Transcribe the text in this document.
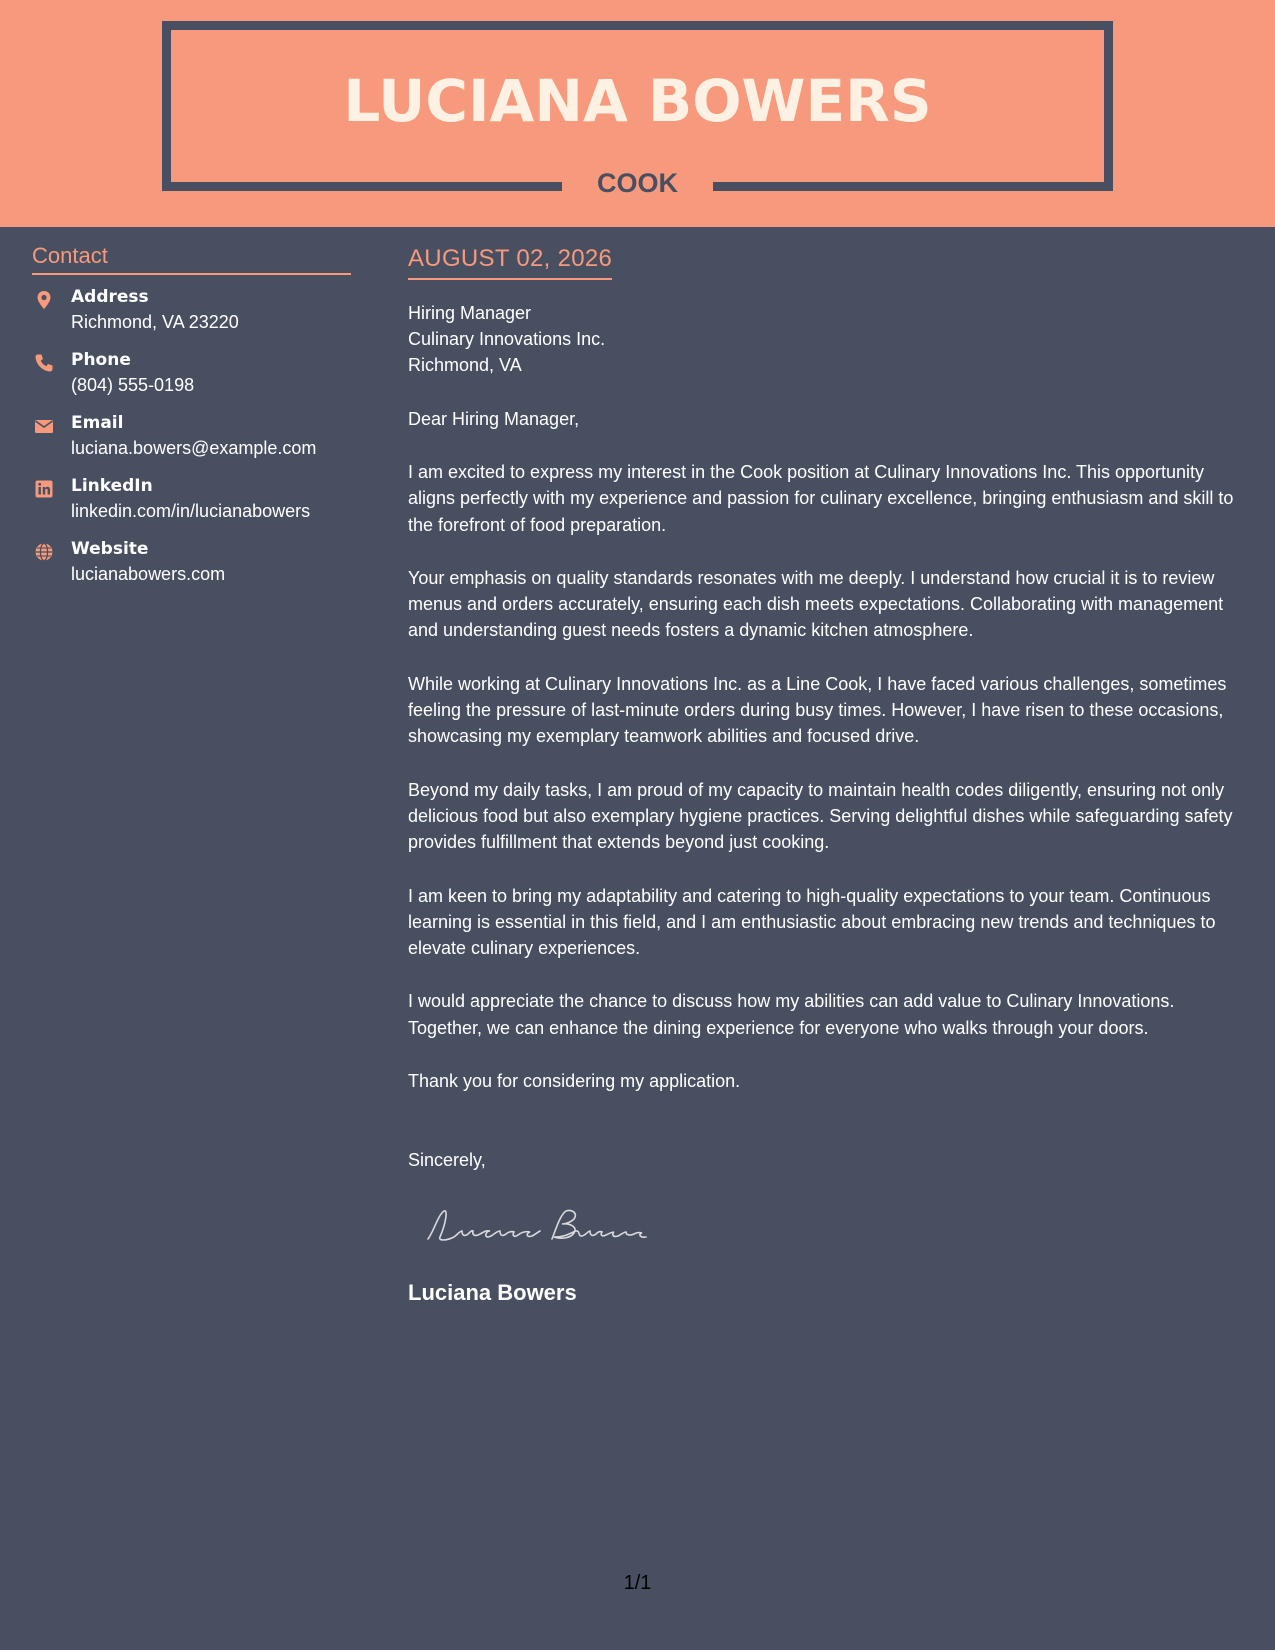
LUCIANA BOWERS
COOK
Contact
Address
Richmond, VA 23220
Phone
(804) 555-0198
Email
luciana.bowers@example.com
LinkedIn
linkedin.com/in/lucianabowers
Website
lucianabowers.com
AUGUST 02, 2026
Hiring Manager
Culinary Innovations Inc.
Richmond, VA
Dear Hiring Manager,
I am excited to express my interest in the Cook position at Culinary Innovations Inc. This opportunity aligns perfectly with my experience and passion for culinary excellence, bringing enthusiasm and skill to the forefront of food preparation.
Your emphasis on quality standards resonates with me deeply. I understand how crucial it is to review menus and orders accurately, ensuring each dish meets expectations. Collaborating with management and understanding guest needs fosters a dynamic kitchen atmosphere.
While working at Culinary Innovations Inc. as a Line Cook, I have faced various challenges, sometimes feeling the pressure of last-minute orders during busy times. However, I have risen to these occasions, showcasing my exemplary teamwork abilities and focused drive.
Beyond my daily tasks, I am proud of my capacity to maintain health codes diligently, ensuring not only delicious food but also exemplary hygiene practices. Serving delightful dishes while safeguarding safety provides fulfillment that extends beyond just cooking.
I am keen to bring my adaptability and catering to high-quality expectations to your team. Continuous learning is essential in this field, and I am enthusiastic about embracing new trends and techniques to elevate culinary experiences.
I would appreciate the chance to discuss how my abilities can add value to Culinary Innovations. Together, we can enhance the dining experience for everyone who walks through your doors.
Thank you for considering my application.
Sincerely,
Luciana Bowers
1/1
